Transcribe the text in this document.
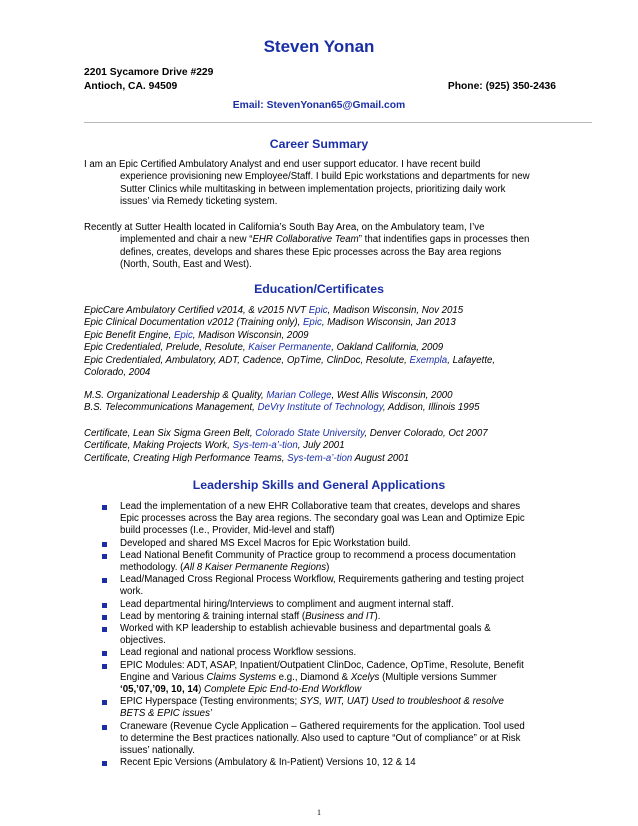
Steven Yonan
2201 Sycamore Drive #229
Antioch, CA. 94509	Phone: (925) 350-2436
Email: StevenYonan65@Gmail.com
Career Summary
I am an Epic Certified Ambulatory Analyst and end user support educator. I have recent build
experience provisioning new Employee/Staff. I build Epic workstations and departments for new
Sutter Clinics while multitasking in between implementation projects, prioritizing daily work
issues’ via Remedy ticketing system.
Recently at Sutter Health located in California’s South Bay Area, on the Ambulatory team, I’ve
implemented and chair a new “EHR Collaborative Team” that indentifies gaps in processes then
defines, creates, develops and shares these Epic processes across the Bay area regions
(North, South, East and West).
Education/Certificates
EpicCare Ambulatory Certified v2014, & v2015 NVT Epic, Madison Wisconsin, Nov 2015
Epic Clinical Documentation v2012 (Training only), Epic, Madison Wisconsin, Jan 2013
Epic Benefit Engine, Epic, Madison Wisconsin, 2009
Epic Credentialed, Prelude, Resolute, Kaiser Permanente, Oakland California, 2009
Epic Credentialed, Ambulatory, ADT, Cadence, OpTime, ClinDoc, Resolute, Exempla, Lafayette,
Colorado, 2004
M.S. Organizational Leadership & Quality, Marian College, West Allis Wisconsin, 2000
B.S. Telecommunications Management, DeVry Institute of Technology, Addison, Illinois 1995
Certificate, Lean Six Sigma Green Belt, Colorado State University, Denver Colorado, Oct 2007
Certificate, Making Projects Work, Sys-tem-a’-tion, July 2001
Certificate, Creating High Performance Teams, Sys-tem-a’-tion August 2001
Leadership Skills and General Applications
Lead the implementation of a new EHR Collaborative team that creates, develops and shares
Epic processes across the Bay area regions. The secondary goal was Lean and Optimize Epic
build processes (I.e., Provider, Mid-level and staff)
Developed and shared MS Excel Macros for Epic Workstation build.
Lead National Benefit Community of Practice group to recommend a process documentation
methodology. (All 8 Kaiser Permanente Regions)
Lead/Managed Cross Regional Process Workflow, Requirements gathering and testing project
work.
Lead departmental hiring/Interviews to compliment and augment internal staff.
Lead by mentoring & training internal staff (Business and IT).
Worked with KP leadership to establish achievable business and departmental goals &
objectives.
Lead regional and national process Workflow sessions.
EPIC Modules: ADT, ASAP, Inpatient/Outpatient ClinDoc, Cadence, OpTime, Resolute, Benefit
Engine and Various Claims Systems e.g., Diamond & Xcelys (Multiple versions Summer
‘05,’07,’09, 10, 14) Complete Epic End-to-End Workflow
EPIC Hyperspace (Testing environments; SYS, WIT, UAT) Used to troubleshoot & resolve
BETS & EPIC issues’
Craneware (Revenue Cycle Application – Gathered requirements for the application. Tool used
to determine the Best practices nationally. Also used to capture “Out of compliance” or at Risk
issues’ nationally.
Recent Epic Versions (Ambulatory & In-Patient) Versions 10, 12 & 14
1
